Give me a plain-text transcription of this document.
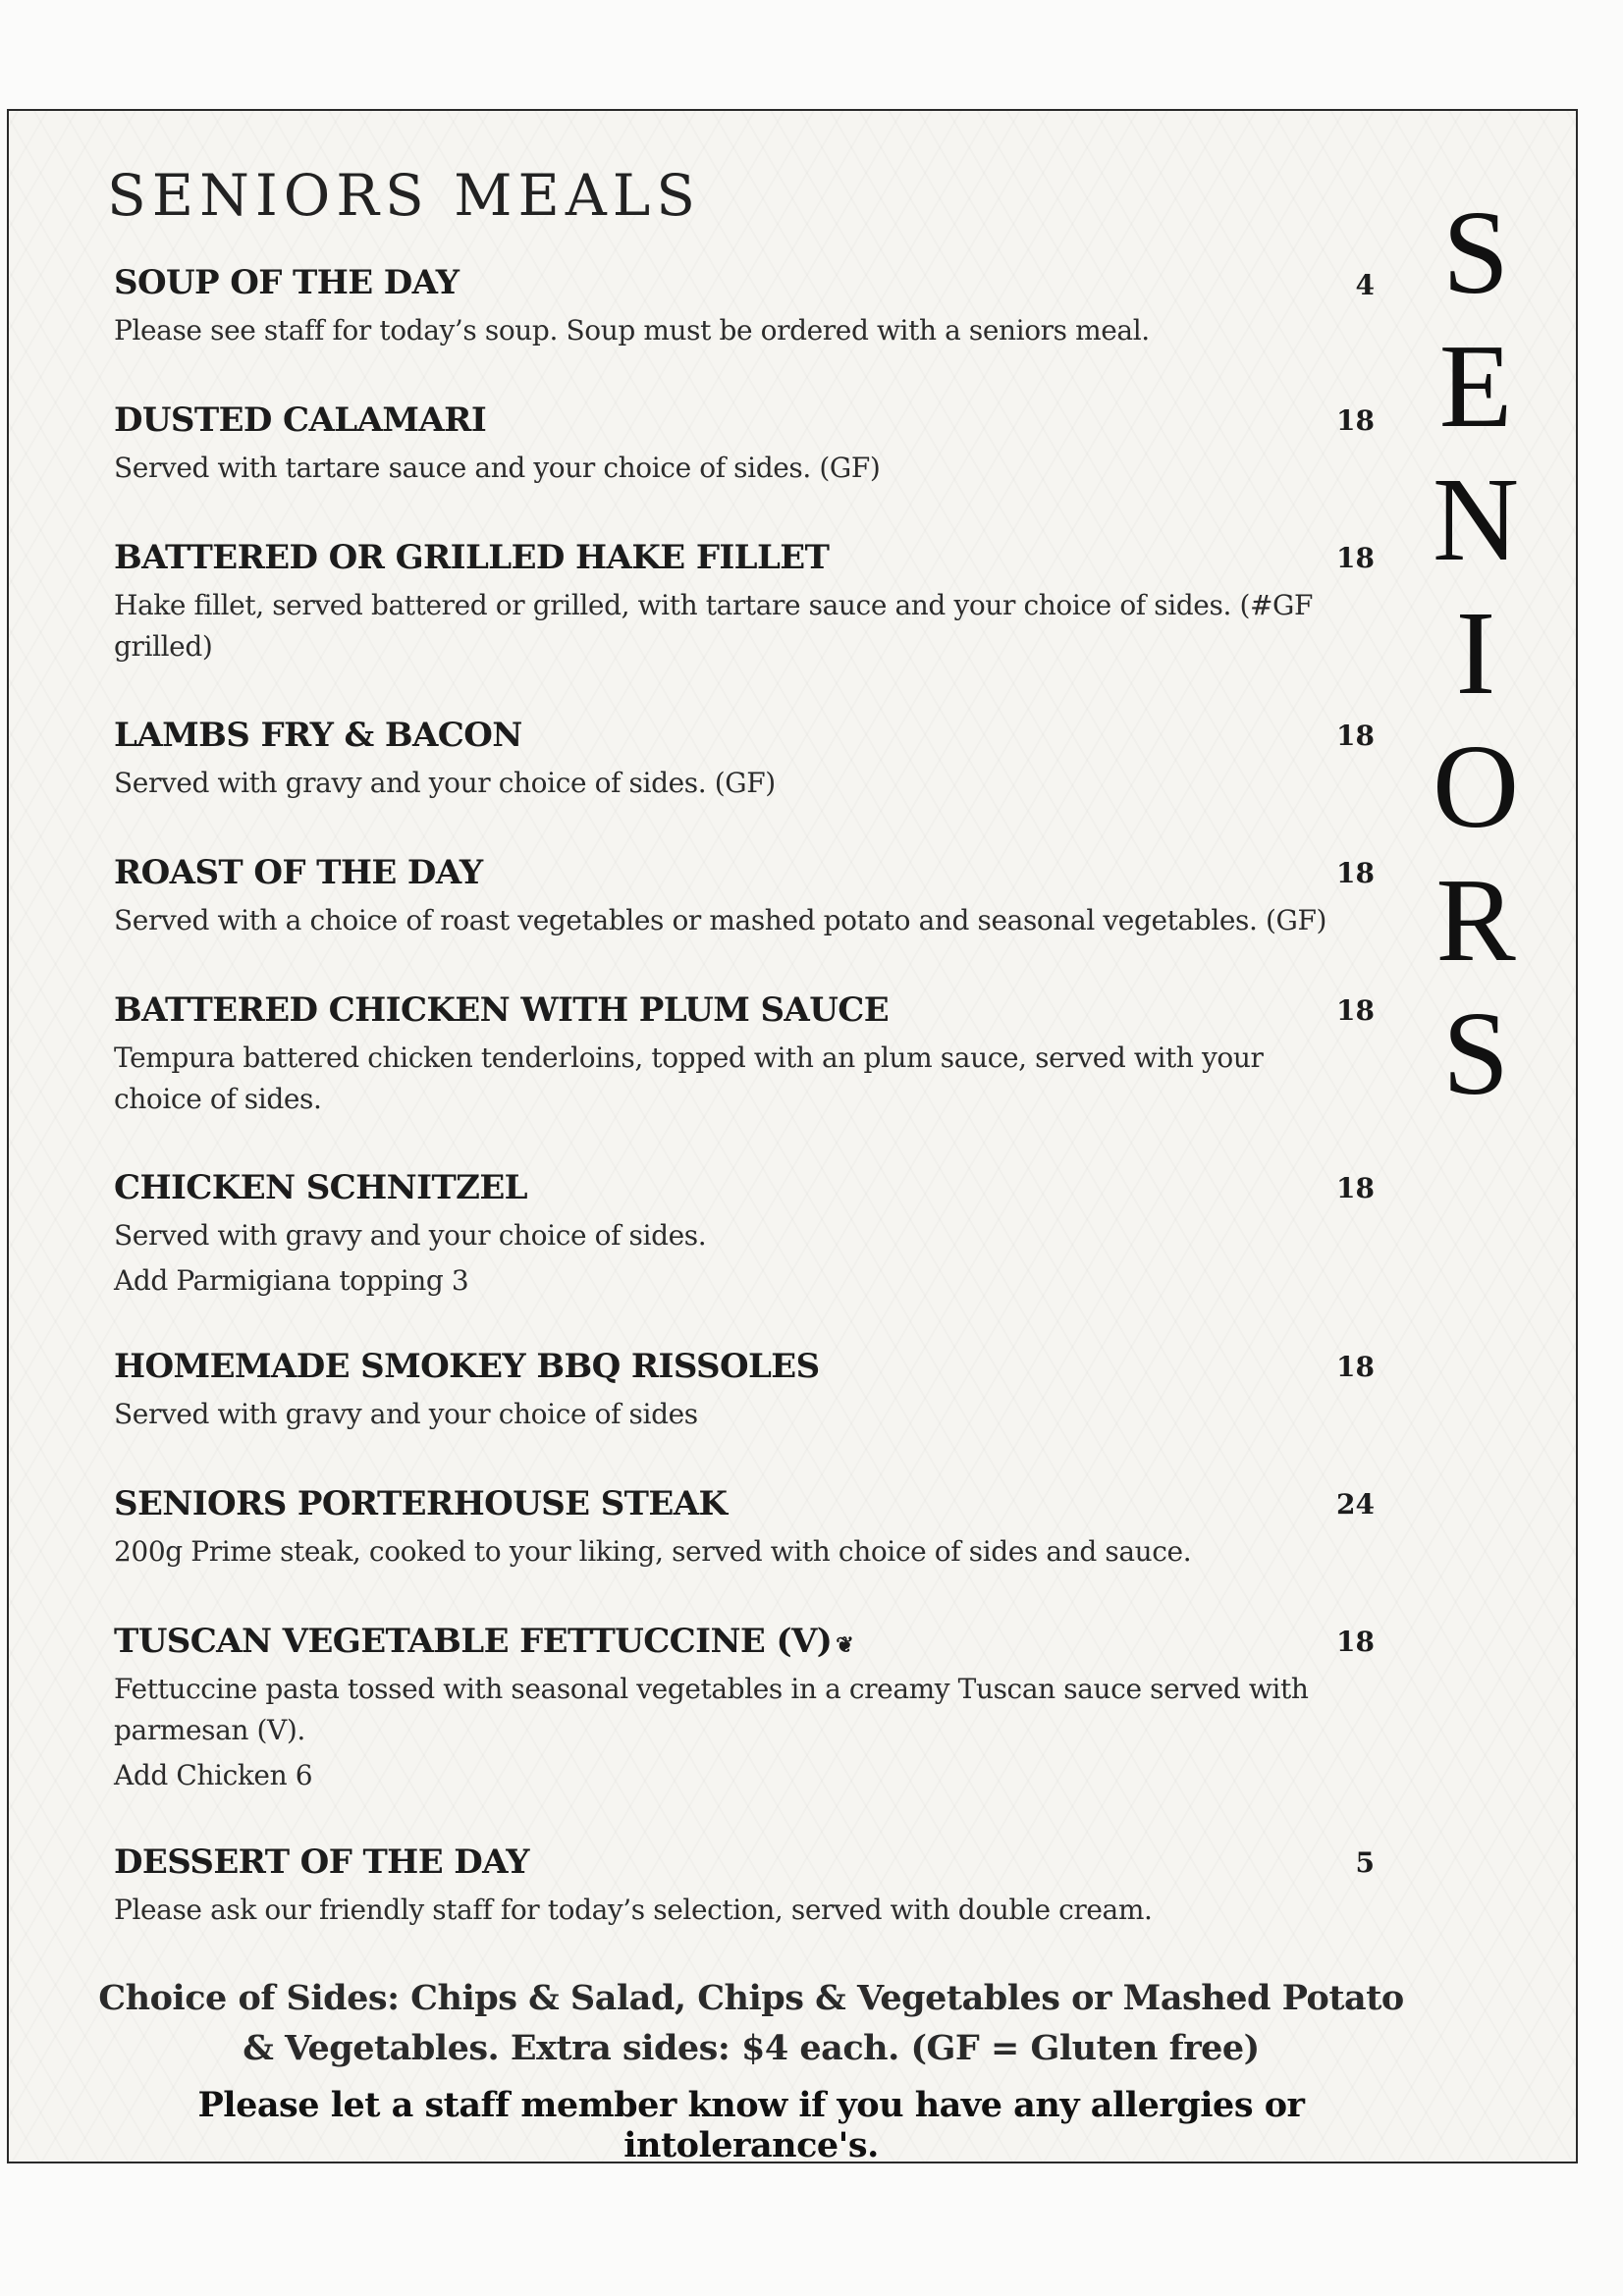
SENIORS MEALS	S
E
N
I
O
R
S
SOUP OF THE DAY
Please see staff for today’s soup. Soup must be ordered with a seniors meal.
4
DUSTED CALAMARI
Served with tartare sauce and your choice of sides. (GF)
18
BATTERED OR GRILLED HAKE FILLET
Hake fillet, served battered or grilled, with tartare sauce and your choice of sides. (#GF grilled)
18
LAMBS FRY & BACON
Served with gravy and your choice of sides. (GF)
18
ROAST OF THE DAY
Served with a choice of roast vegetables or mashed potato and seasonal vegetables. (GF)
18
BATTERED CHICKEN WITH PLUM SAUCE
Tempura battered chicken tenderloins, topped with an plum sauce, served with your choice of sides.
18
CHICKEN SCHNITZEL
Served with gravy and your choice of sides.
Add Parmigiana topping 3
18
HOMEMADE SMOKEY BBQ RISSOLES
Served with gravy and your choice of sides
18
SENIORS PORTERHOUSE STEAK
200g Prime steak, cooked to your liking, served with choice of sides and sauce.
24
TUSCAN VEGETABLE FETTUCCINE (V) ❦
Fettuccine pasta tossed with seasonal vegetables in a creamy Tuscan sauce served with parmesan (V).
Add Chicken 6
18
DESSERT OF THE DAY
Please ask our friendly staff for today’s selection, served with double cream.
5
Choice of Sides: Chips & Salad, Chips & Vegetables or Mashed Potato & Vegetables. Extra sides: $4 each. (GF = Gluten free)
Please let a staff member know if you have any allergies or intolerance's.
